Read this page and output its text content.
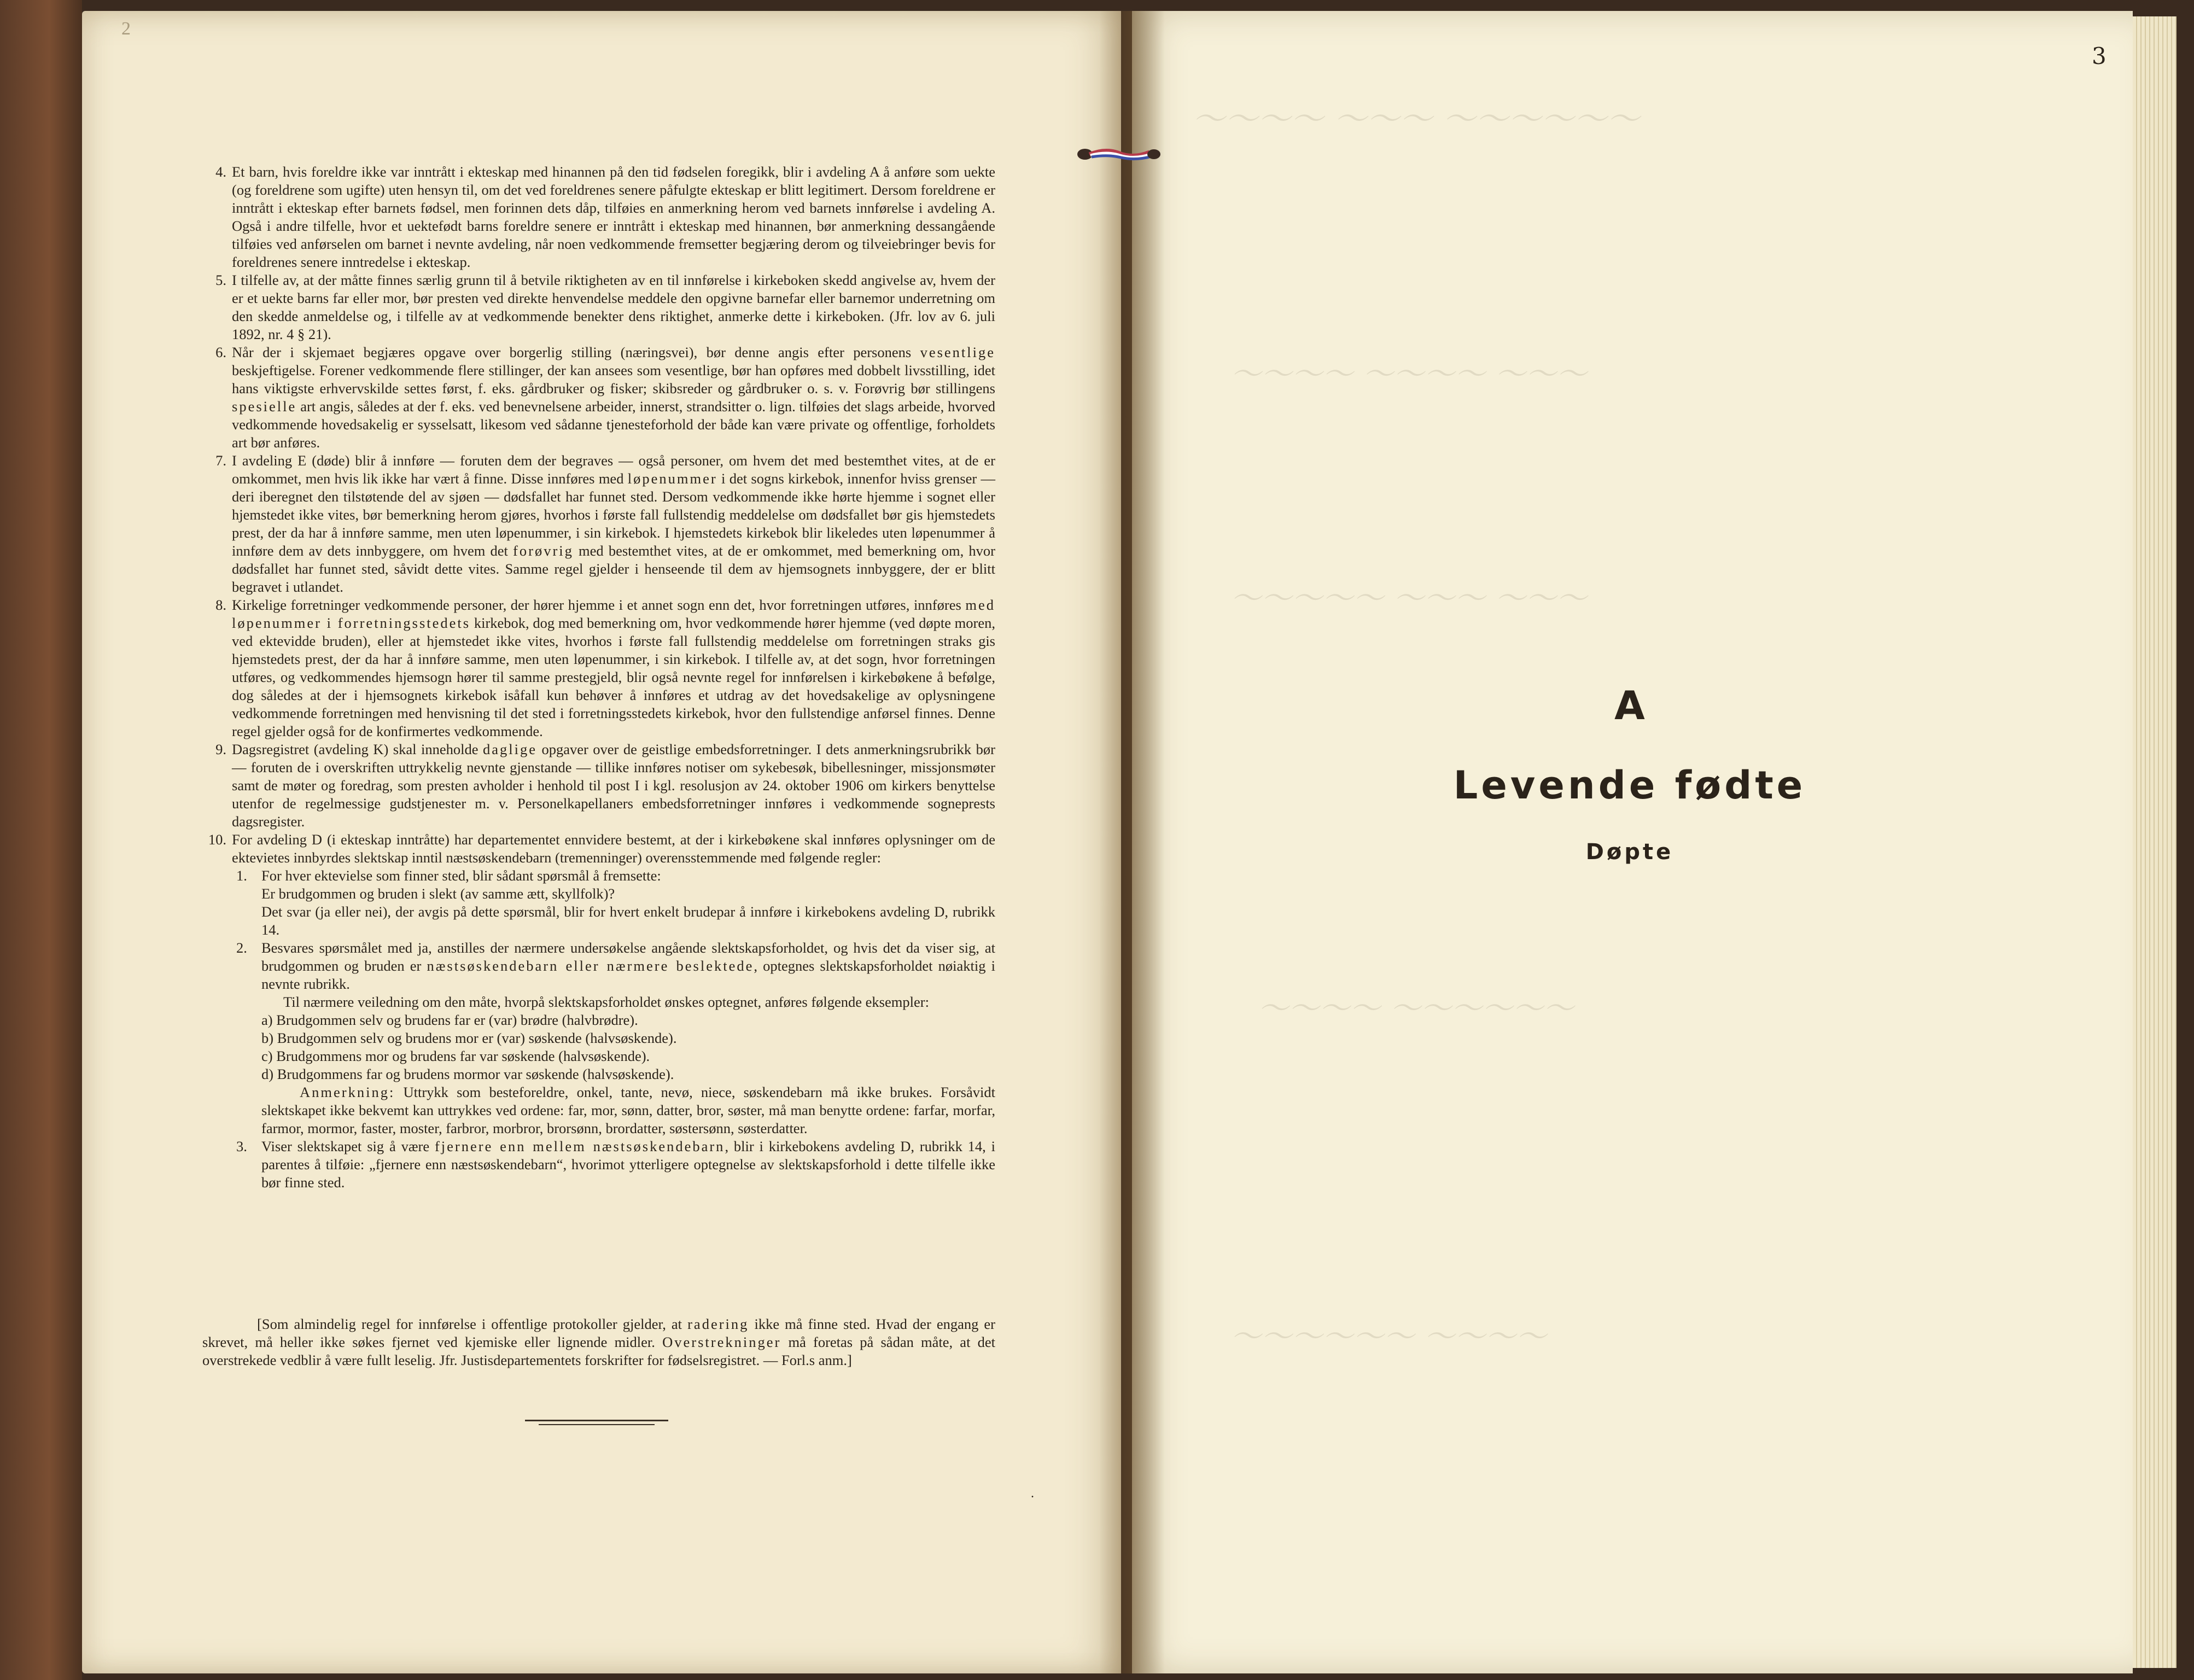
〜〜〜〜 ～～～ ～～～～～～
～～～～ ～～～～ ～～～
～～～～～ ～～～ ～～～
～～～～ ～～～～～～
～～～～～～ ～～～～
2

4. Et barn, hvis foreldre ikke var inntrått i ekteskap med hinannen på den tid fødselen foregikk, blir i avdeling A å anføre som uekte (og foreldrene som ugifte) uten hensyn til, om det ved foreldrenes senere påfulgte ekteskap er blitt legitimert. Dersom foreldrene er inntrått i ekteskap efter barnets fødsel, men forinnen dets dåp, tilføies en anmerkning herom ved barnets innførelse i avdeling A. Også i andre tilfelle, hvor et uektefødt barns foreldre senere er inntrått i ekteskap med hinannen, bør anmerkning dessangående tilføies ved anførselen om barnet i nevnte avdeling, når noen vedkommende fremsetter begjæring derom og tilveiebringer bevis for foreldrenes senere inntredelse i ekteskap.

5. I tilfelle av, at der måtte finnes særlig grunn til å betvile riktigheten av en til innførelse i kirkeboken skedd angivelse av, hvem der er et uekte barns far eller mor, bør presten ved direkte henvendelse meddele den opgivne barnefar eller barnemor underretning om den skedde anmeldelse og, i tilfelle av at vedkommende benekter dens riktighet, anmerke dette i kirkeboken. (Jfr. lov av 6. juli 1892, nr. 4 § 21).

6. Når der i skjemaet begjæres opgave over borgerlig stilling (næringsvei), bør denne angis efter personens vesentlige beskjeftigelse. Forener vedkommende flere stillinger, der kan ansees som vesentlige, bør han opføres med dobbelt livsstilling, idet hans viktigste erhvervskilde settes først, f. eks. gårdbruker og fisker; skibsreder og gårdbruker o. s. v. Forøvrig bør stillingens spesielle art angis, således at der f. eks. ved benevnelsene arbeider, innerst, strandsitter o. lign. tilføies det slags arbeide, hvorved vedkommende hovedsakelig er sysselsatt, likesom ved sådanne tjenesteforhold der både kan være private og offentlige, forholdets art bør anføres.

7. I avdeling E (døde) blir å innføre — foruten dem der begraves — også personer, om hvem det med bestemthet vites, at de er omkommet, men hvis lik ikke har vært å finne. Disse innføres med løpenummer i det sogns kirkebok, innenfor hviss grenser — deri iberegnet den tilstøtende del av sjøen — dødsfallet har funnet sted. Dersom vedkommende ikke hørte hjemme i sognet eller hjemstedet ikke vites, bør bemerkning herom gjøres, hvorhos i første fall fullstendig meddelelse om dødsfallet bør gis hjemstedets prest, der da har å innføre samme, men uten løpenummer, i sin kirkebok. I hjemstedets kirkebok blir likeledes uten løpenummer å innføre dem av dets innbyggere, om hvem det forøvrig med bestemthet vites, at de er omkommet, med bemerkning om, hvor dødsfallet har funnet sted, såvidt dette vites. Samme regel gjelder i henseende til dem av hjemsognets innbyggere, der er blitt begravet i utlandet.

8. Kirkelige forretninger vedkommende personer, der hører hjemme i et annet sogn enn det, hvor forretningen utføres, innføres med løpenummer i forretningsstedets kirkebok, dog med bemerkning om, hvor vedkommende hører hjemme (ved døpte moren, ved ektevidde bruden), eller at hjemstedet ikke vites, hvorhos i første fall fullstendig meddelelse om forretningen straks gis hjemstedets prest, der da har å innføre samme, men uten løpenummer, i sin kirkebok. I tilfelle av, at det sogn, hvor forretningen utføres, og vedkommendes hjemsogn hører til samme prestegjeld, blir også nevnte regel for innførelsen i kirkebøkene å befølge, dog således at der i hjemsognets kirkebok isåfall kun behøver å innføres et utdrag av det hovedsakelige av oplysningene vedkommende forretningen med henvisning til det sted i forretningsstedets kirkebok, hvor den fullstendige anførsel finnes. Denne regel gjelder også for de konfirmertes vedkommende.

9. Dagsregistret (avdeling K) skal inneholde daglige opgaver over de geistlige embedsforretninger. I dets anmerkningsrubrikk bør — foruten de i overskriften uttrykkelig nevnte gjenstande — tillike innføres notiser om sykebesøk, bibellesninger, missjonsmøter samt de møter og foredrag, som presten avholder i henhold til post I i kgl. resolusjon av 24. oktober 1906 om kirkers benyttelse utenfor de regelmessige gudstjenester m. v. Personelkapellaners embedsforretninger innføres i vedkommende sogneprests dagsregister.

10. For avdeling D (i ekteskap inntråtte) har departementet ennvidere bestemt, at der i kirkebøkene skal innføres oplysninger om de ektevietes innbyrdes slektskap inntil næstsøskendebarn (tremenninger) overensstemmende med følgende regler:

1. For hver ektevielse som finner sted, blir sådant spørsmål å fremsette:
Er brudgommen og bruden i slekt (av samme ætt, skyllfolk)?
Det svar (ja eller nei), der avgis på dette spørsmål, blir for hvert enkelt brudepar å innføre i kirkebokens avdeling D, rubrikk 14.

2. Besvares spørsmålet med ja, anstilles der nærmere undersøkelse angående slektskapsforholdet, og hvis det da viser sig, at brudgommen og bruden er næstsøskendebarn eller nærmere beslektede, optegnes slektskapsforholdet nøiaktig i nevnte rubrikk.

Til nærmere veiledning om den måte, hvorpå slektskapsforholdet ønskes optegnet, anføres følgende eksempler:

a) Brudgommen selv og brudens far er (var) brødre (halvbrødre).

b) Brudgommen selv og brudens mor er (var) søskende (halvsøskende).

c) Brudgommens mor og brudens far var søskende (halvsøskende).

d) Brudgommens far og brudens mormor var søskende (halvsøskende).

Anmerkning: Uttrykk som besteforeldre, onkel, tante, nevø, niece, søskendebarn må ikke brukes. Forsåvidt slektskapet ikke bekvemt kan uttrykkes ved ordene: far, mor, sønn, datter, bror, søster, må man benytte ordene: farfar, morfar, farmor, mormor, faster, moster, farbror, morbror, brorsønn, brordatter, søstersønn, søsterdatter.

3. Viser slektskapet sig å være fjernere enn mellem næstsøskendebarn, blir i kirkebokens avdeling D, rubrikk 14, i parentes å tilføie: „fjernere enn næstsøskendebarn“, hvorimot ytterligere optegnelse av slektskapsforhold i dette tilfelle ikke bør finne sted.

[Som almindelig regel for innførelse i offentlige protokoller gjelder, at radering ikke må finne sted. Hvad der engang er skrevet, må heller ikke søkes fjernet ved kjemiske eller lignende midler. Overstrekninger må foretas på sådan måte, at det overstrekede vedblir å være fullt leselig. Jfr. Justisdepartementets forskrifter for fødselsregistret. — Forl.s anm.]
.
3
A
Levende fødte
Døpte
